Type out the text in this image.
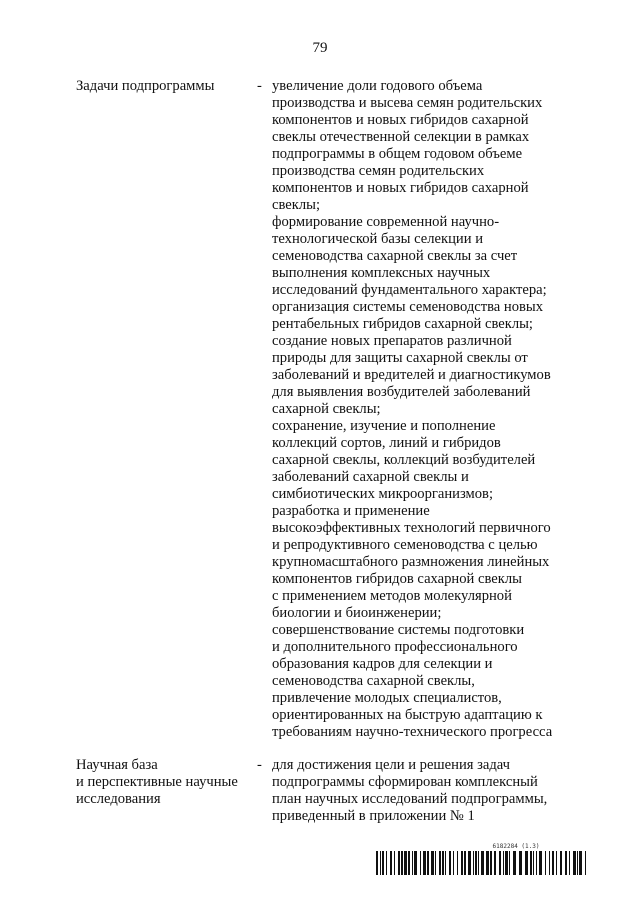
79
Задачи подпрограммы	- увеличение доли годового объема
производства и высева семян родительских
компонентов и новых гибридов сахарной
свеклы отечественной селекции в рамках
подпрограммы в общем годовом объеме
производства семян родительских
компонентов и новых гибридов сахарной
свеклы;
формирование современной научно-
технологической базы селекции и
семеноводства сахарной свеклы за счет
выполнения комплексных научных
исследований фундаментального характера;
организация системы семеноводства новых
рентабельных гибридов сахарной свеклы;
создание новых препаратов различной
природы для защиты сахарной свеклы от
заболеваний и вредителей и диагностикумов
для выявления возбудителей заболеваний
сахарной свеклы;
сохранение, изучение и пополнение
коллекций сортов, линий и гибридов
сахарной свеклы, коллекций возбудителей
заболеваний сахарной свеклы и
симбиотических микроорганизмов;
разработка и применение
высокоэффективных технологий первичного
и репродуктивного семеноводства с целью
крупномасштабного размножения линейных
компонентов гибридов сахарной свеклы
с применением методов молекулярной
биологии и биоинженерии;
совершенствование системы подготовки
и дополнительного профессионального
образования кадров для селекции и
семеноводства сахарной свеклы,
привлечение молодых специалистов,
ориентированных на быструю адаптацию к
требованиям научно-технического прогресса
Научная база
и перспективные научные
исследования
- для достижения цели и решения задач
подпрограммы сформирован комплексный
план научных исследований подпрограммы,
приведенный в приложении № 1
6182284 (1.3)
